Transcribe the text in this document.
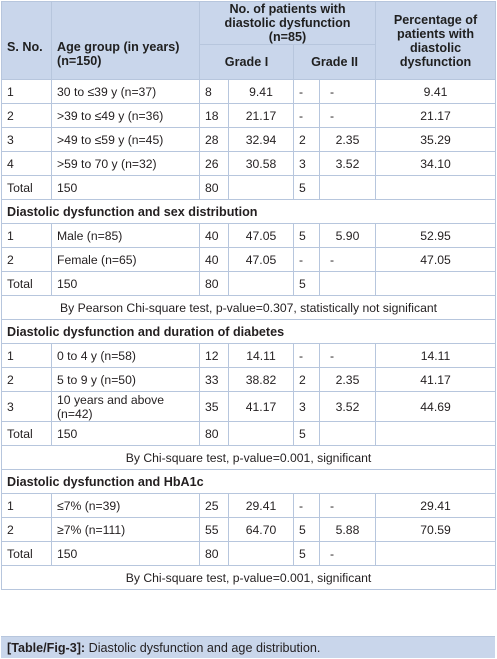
S. No.	Age group (in years) (n=150)	No. of patients with diastolic dysfunction (n=85)				Percentage of patients with diastolic dysfunction
		Grade I		Grade II		
1	30 to ≤39 y (n=37)	8	9.41	-	-	9.41
2	>39 to ≤49 y (n=36)	18	21.17	-	-	21.17
3	>49 to ≤59 y (n=45)	28	32.94	2	2.35	35.29
4	>59 to 70 y (n=32)	26	30.58	3	3.52	34.10
Total	150	80		5		
Diastolic dysfunction and sex distribution						
1	Male (n=85)	40	47.05	5	5.90	52.95
2	Female (n=65)	40	47.05	-	-	47.05
Total	150	80		5		
By Pearson Chi-square test, p-value=0.307, statistically not significant						
Diastolic dysfunction and duration of diabetes						
1	0 to 4 y (n=58)	12	14.11	-	-	14.11
2	5 to 9 y (n=50)	33	38.82	2	2.35	41.17
3	10 years and above (n=42)	35	41.17	3	3.52	44.69
Total	150	80		5		
By Chi-square test, p-value=0.001, significant						
Diastolic dysfunction and HbA1c						
1	≤7% (n=39)	25	29.41	-	-	29.41
2	≥7% (n=111)	55	64.70	5	5.88	70.59
Total	150	80		5	-	
By Chi-square test, p-value=0.001, significant						
[Table/Fig-3]: Diastolic dysfunction and age distribution.
